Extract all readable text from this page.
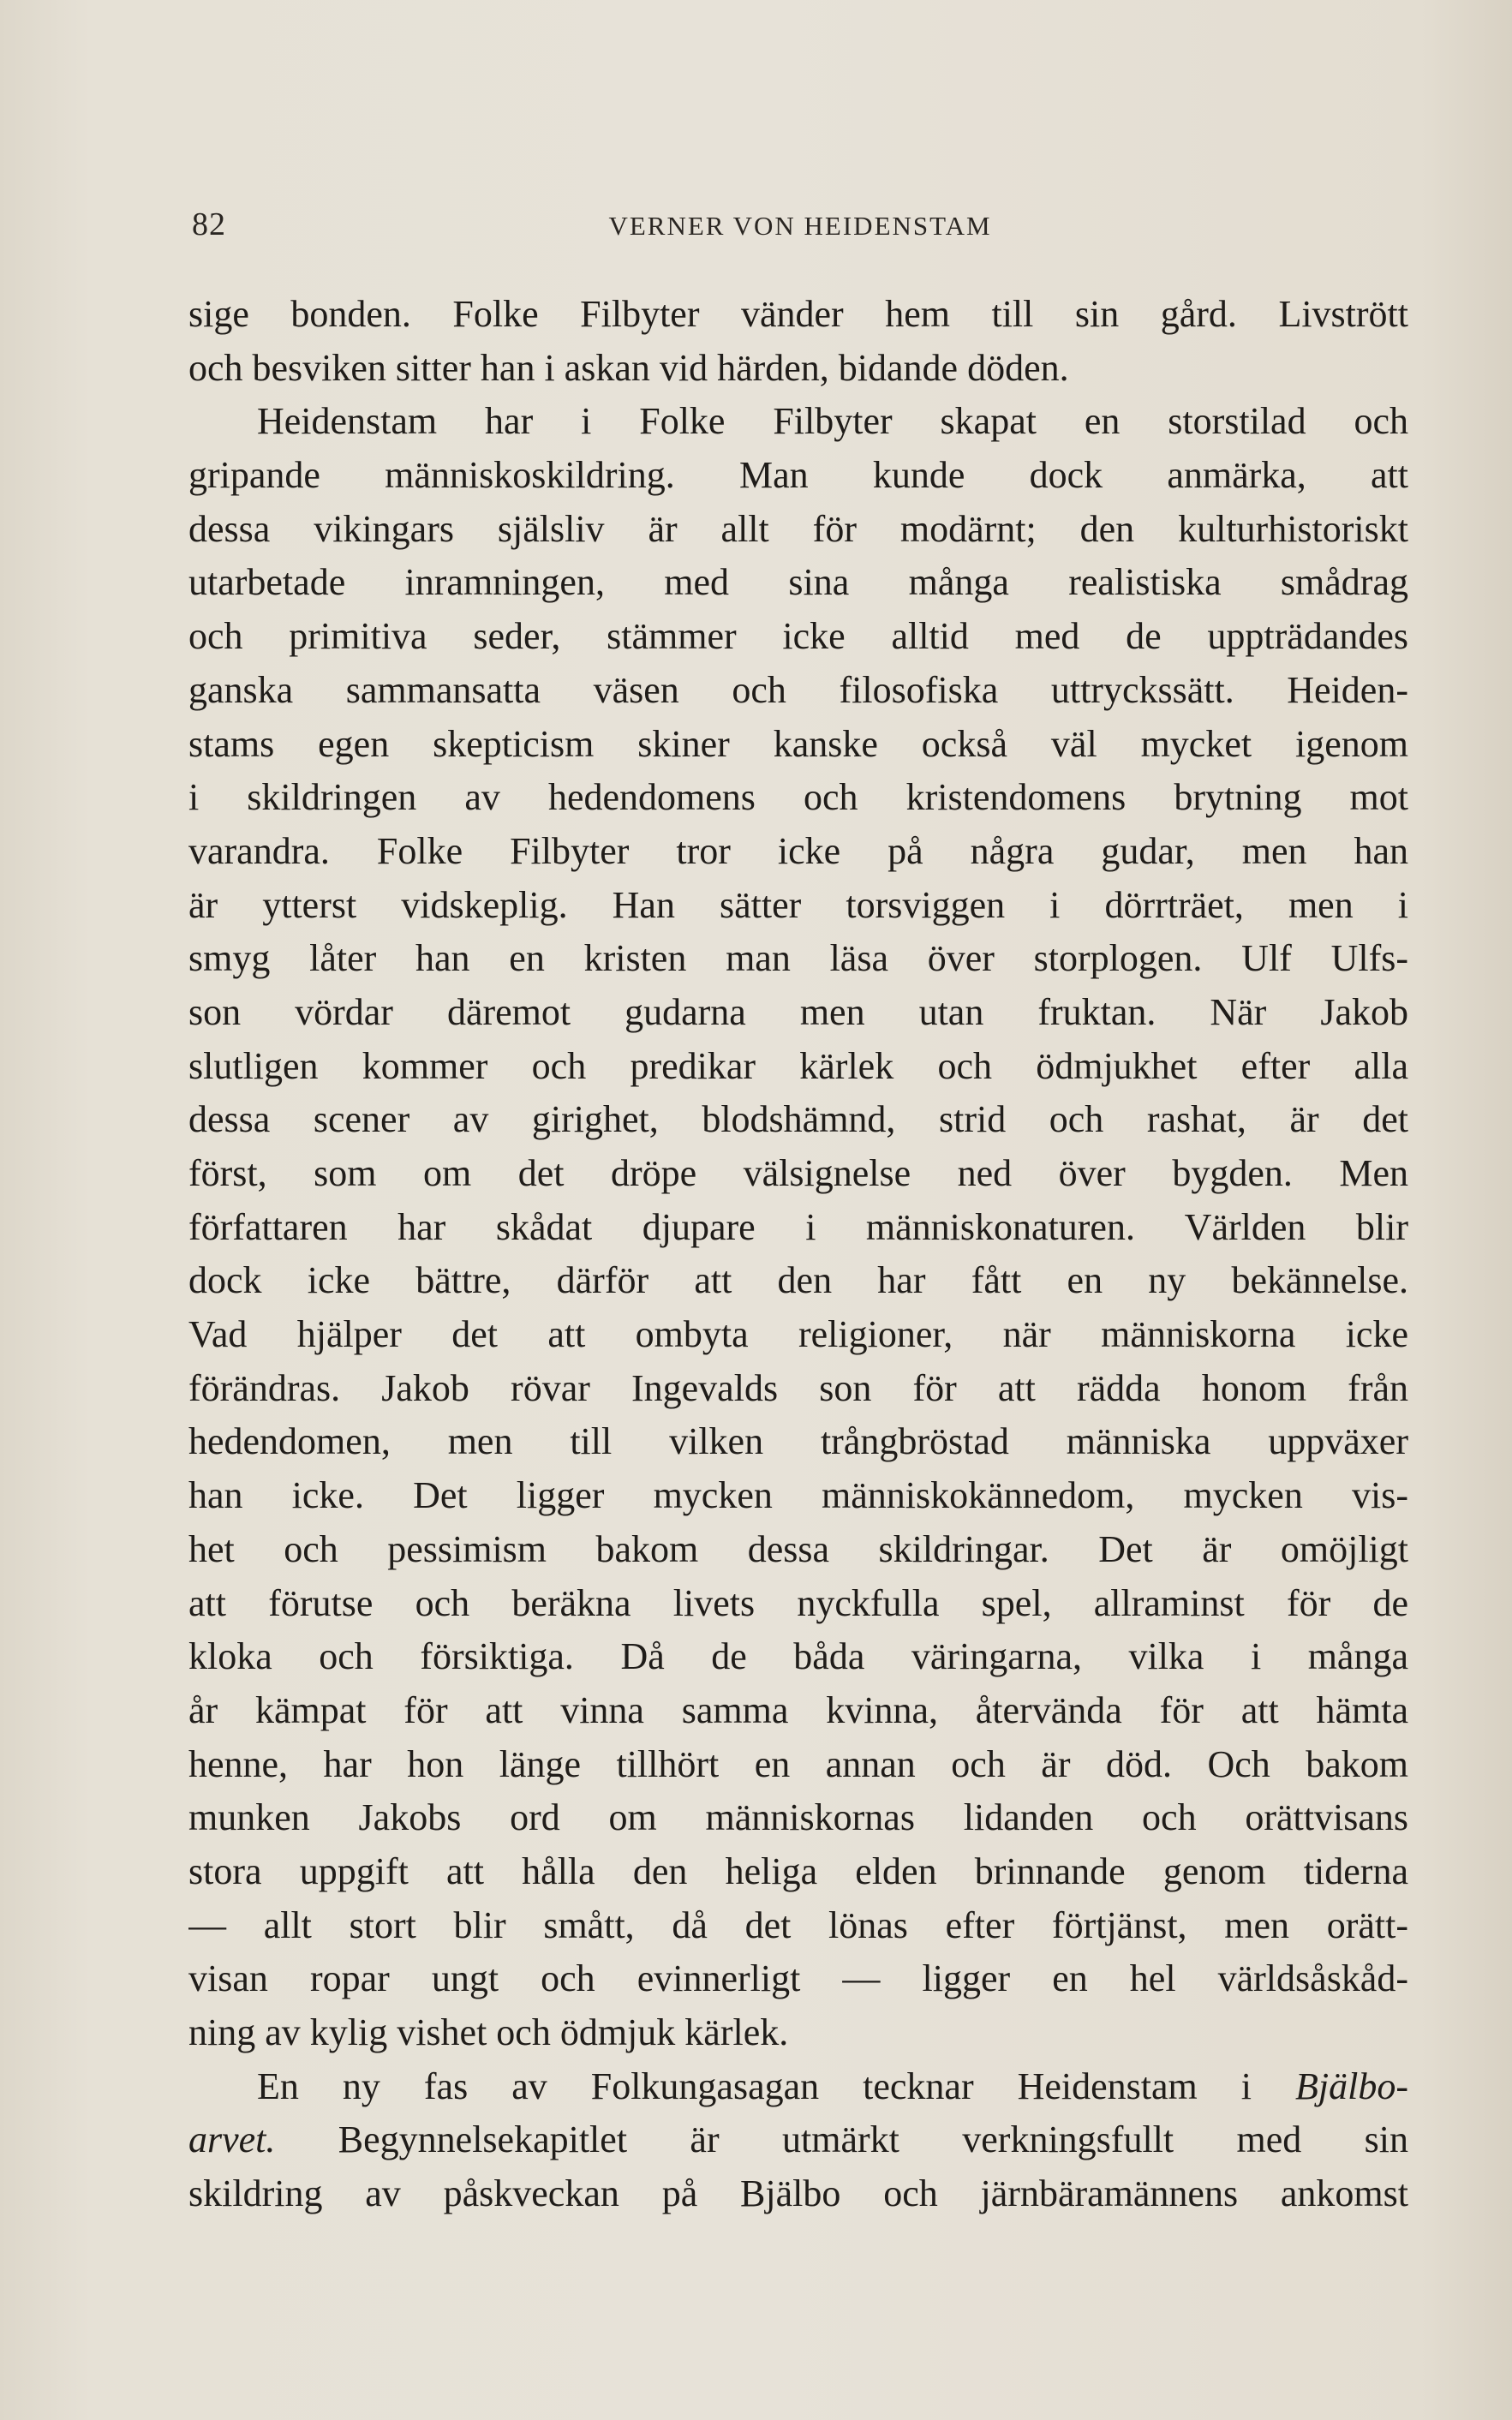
82	VERNER VON HEIDENSTAM
sige bonden. Folke Filbyter vänder hem till sin gård. Livstrött
och besviken sitter han i askan vid härden, bidande döden.
Heidenstam har i Folke Filbyter skapat en storstilad och
gripande människoskildring. Man kunde dock anmärka, att
dessa vikingars själsliv är allt för modärnt; den kulturhistoriskt
utarbetade inramningen, med sina många realistiska smådrag
och primitiva seder, stämmer icke alltid med de uppträdandes
ganska sammansatta väsen och filosofiska uttryckssätt. Heiden-
stams egen skepticism skiner kanske också väl mycket igenom
i skildringen av hedendomens och kristendomens brytning mot
varandra. Folke Filbyter tror icke på några gudar, men han
är ytterst vidskeplig. Han sätter torsviggen i dörrträet, men i
smyg låter han en kristen man läsa över storplogen. Ulf Ulfs-
son vördar däremot gudarna men utan fruktan. När Jakob
slutligen kommer och predikar kärlek och ödmjukhet efter alla
dessa scener av girighet, blodshämnd, strid och rashat, är det
först, som om det dröpe välsignelse ned över bygden. Men
författaren har skådat djupare i människonaturen. Världen blir
dock icke bättre, därför att den har fått en ny bekännelse.
Vad hjälper det att ombyta religioner, när människorna icke
förändras. Jakob rövar Ingevalds son för att rädda honom från
hedendomen, men till vilken trångbröstad människa uppväxer
han icke. Det ligger mycken människokännedom, mycken vis-
het och pessimism bakom dessa skildringar. Det är omöjligt
att förutse och beräkna livets nyckfulla spel, allraminst för de
kloka och försiktiga. Då de båda väringarna, vilka i många
år kämpat för att vinna samma kvinna, återvända för att hämta
henne, har hon länge tillhört en annan och är död. Och bakom
munken Jakobs ord om människornas lidanden och orättvisans
stora uppgift att hålla den heliga elden brinnande genom tiderna
— allt stort blir smått, då det lönas efter förtjänst, men orätt-
visan ropar ungt och evinnerligt — ligger en hel världsåskåd-
ning av kylig vishet och ödmjuk kärlek.
En ny fas av Folkungasagan tecknar Heidenstam i Bjälbo-
arvet. Begynnelsekapitlet är utmärkt verkningsfullt med sin
skildring av påskveckan på Bjälbo och järnbäramännens ankomst
